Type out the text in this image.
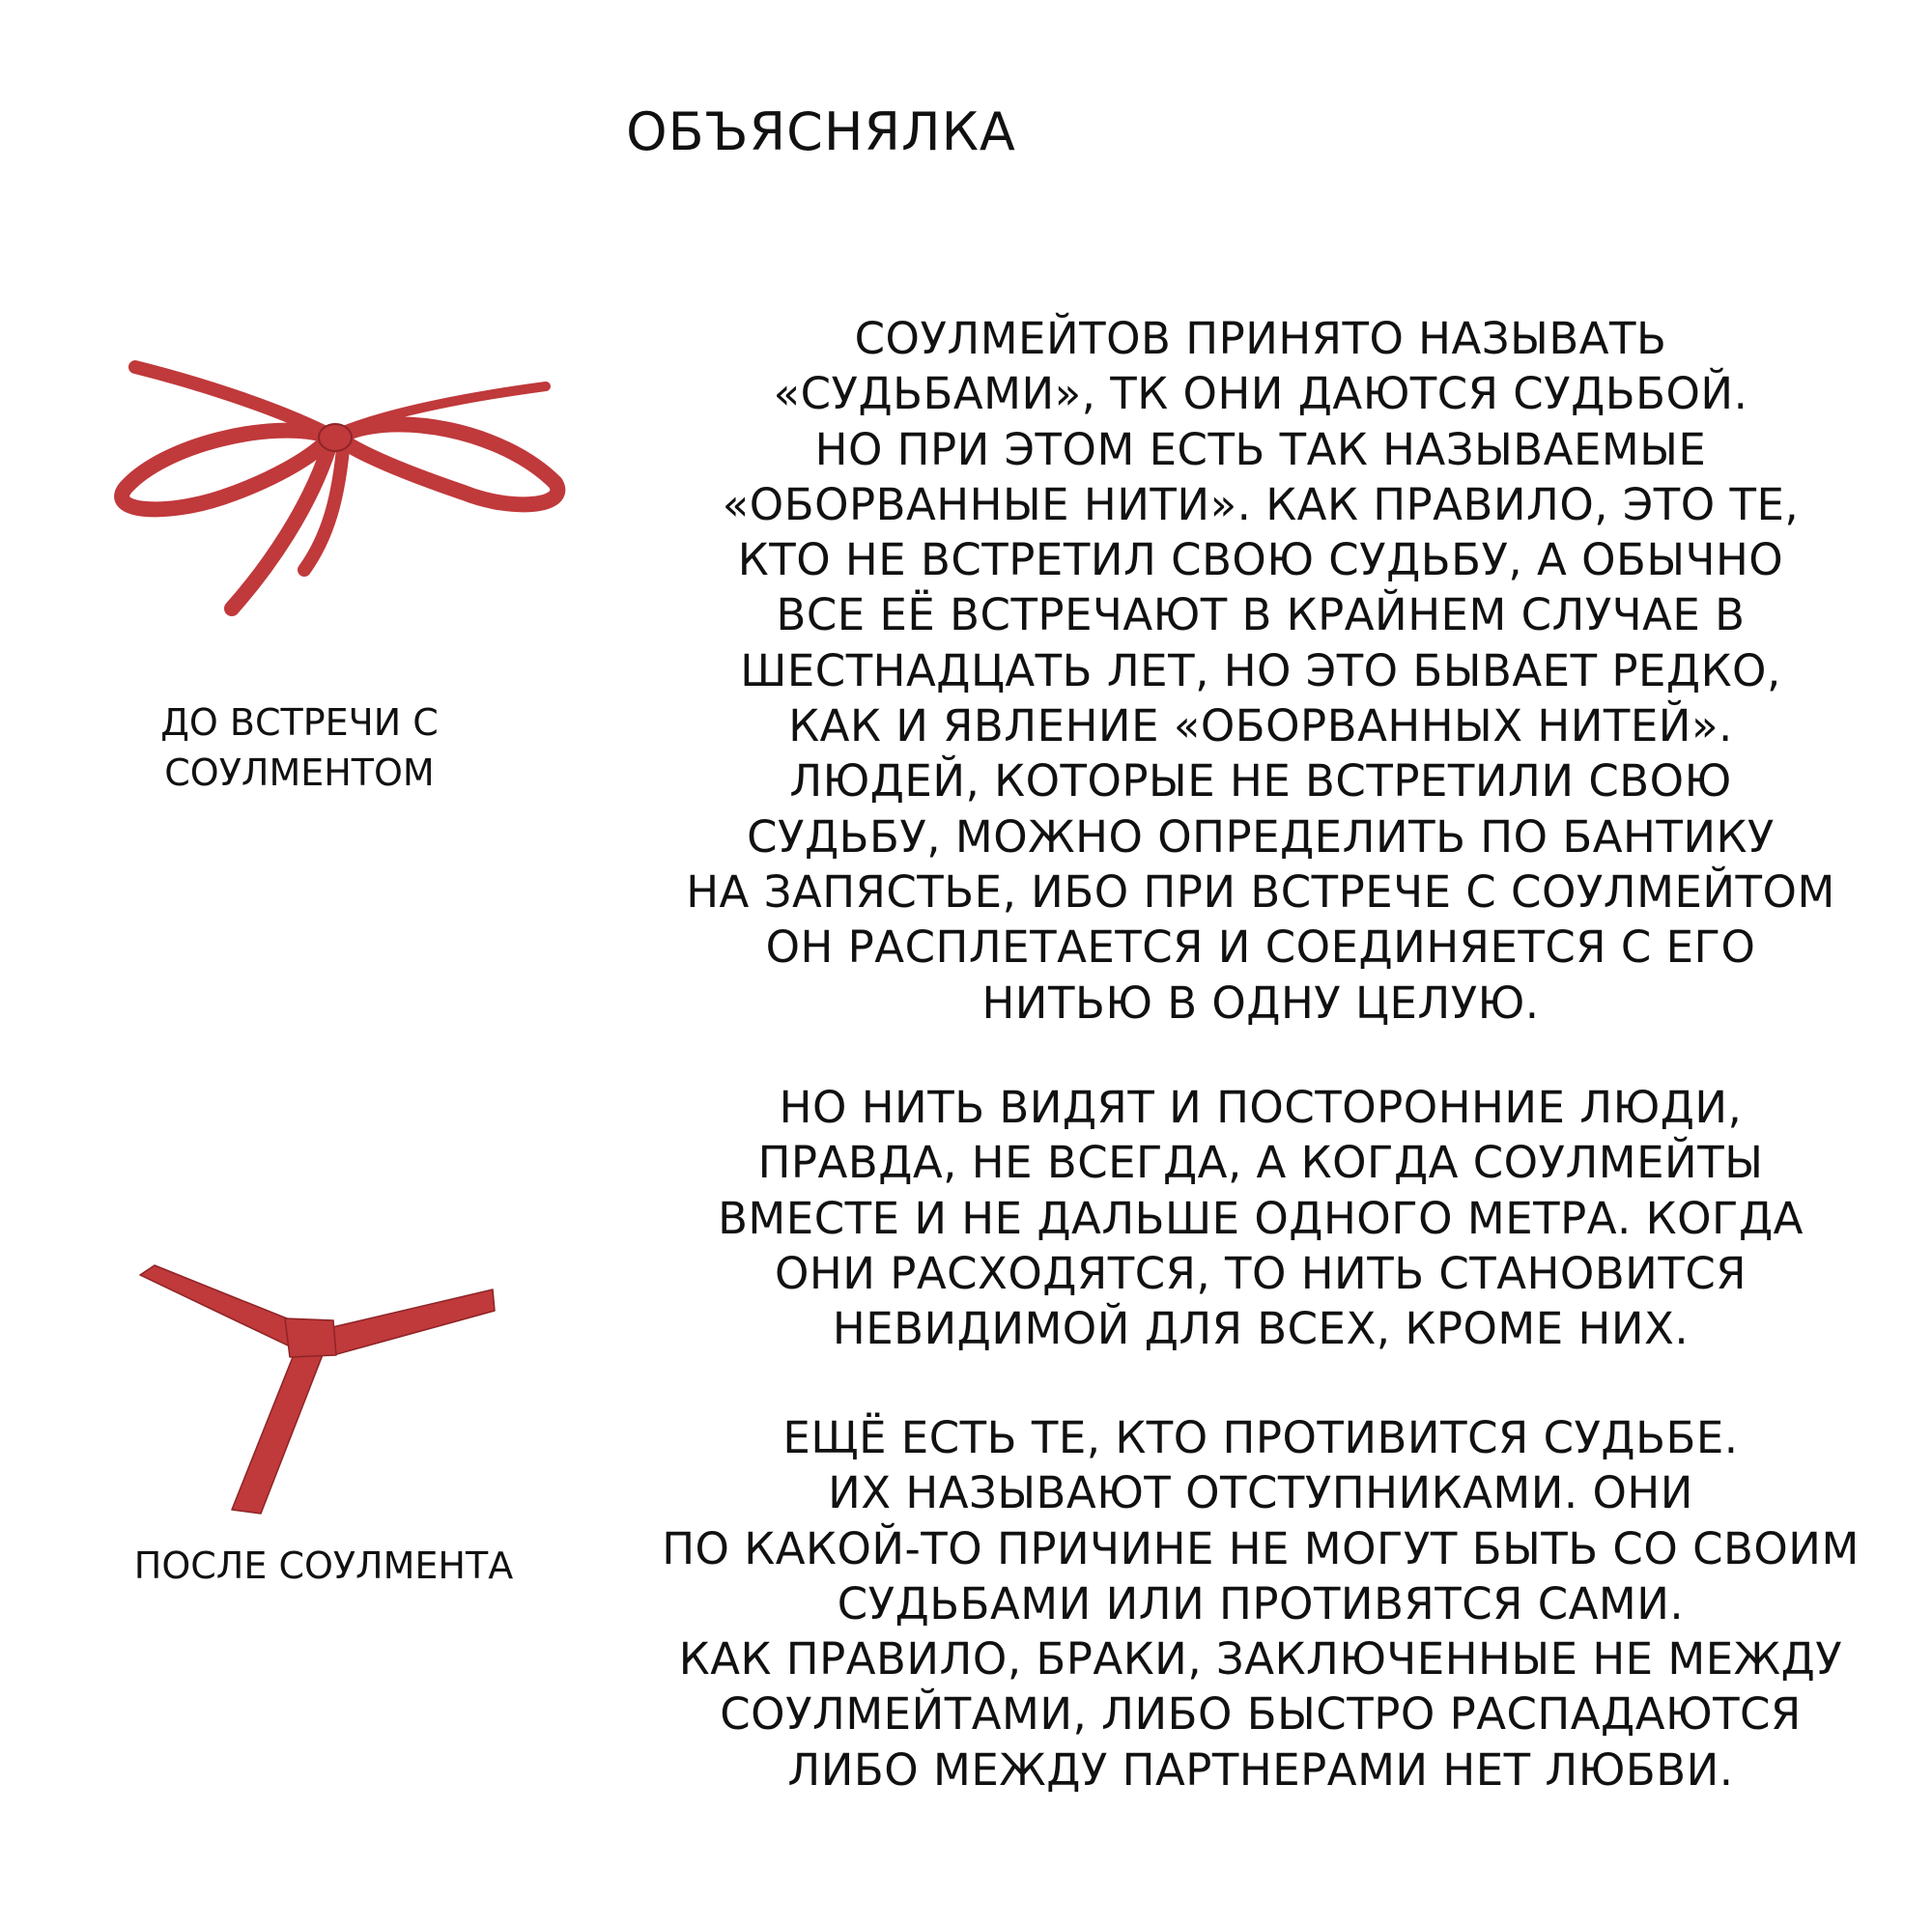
ОБЪЯСНЯЛКА
ДО ВСТРЕЧИ С
СОУЛМЕНТОМ
ПОСЛЕ СОУЛМЕНТА
СОУЛМЕЙТОВ ПРИНЯТО НАЗЫВАТЬ
«СУДЬБАМИ», ТК ОНИ ДАЮТСЯ СУДЬБОЙ.
НО ПРИ ЭТОМ ЕСТЬ ТАК НАЗЫВАЕМЫЕ
«ОБОРВАННЫЕ НИТИ». КАК ПРАВИЛО, ЭТО ТЕ,
КТО НЕ ВСТРЕТИЛ СВОЮ СУДЬБУ, А ОБЫЧНО
ВСЕ ЕЁ ВСТРЕЧАЮТ В КРАЙНЕМ СЛУЧАЕ В
ШЕСТНАДЦАТЬ ЛЕТ, НО ЭТО БЫВАЕТ РЕДКО,
КАК И ЯВЛЕНИЕ «ОБОРВАННЫХ НИТЕЙ».
ЛЮДЕЙ, КОТОРЫЕ НЕ ВСТРЕТИЛИ СВОЮ
СУДЬБУ, МОЖНО ОПРЕДЕЛИТЬ ПО БАНТИКУ
НА ЗАПЯСТЬЕ, ИБО ПРИ ВСТРЕЧЕ С СОУЛМЕЙТОМ
ОН РАСПЛЕТАЕТСЯ И СОЕДИНЯЕТСЯ С ЕГО
НИТЬЮ В ОДНУ ЦЕЛУЮ.
НО НИТЬ ВИДЯТ И ПОСТОРОННИЕ ЛЮДИ,
ПРАВДА, НЕ ВСЕГДА, А КОГДА СОУЛМЕЙТЫ
ВМЕСТЕ И НЕ ДАЛЬШЕ ОДНОГО МЕТРА. КОГДА
ОНИ РАСХОДЯТСЯ, ТО НИТЬ СТАНОВИТСЯ
НЕВИДИМОЙ ДЛЯ ВСЕХ, КРОМЕ НИХ.
ЕЩЁ ЕСТЬ ТЕ, КТО ПРОТИВИТСЯ СУДЬБЕ.
ИХ НАЗЫВАЮТ ОТСТУПНИКАМИ. ОНИ
ПО КАКОЙ-ТО ПРИЧИНЕ НЕ МОГУТ БЫТЬ СО СВОИМ
СУДЬБАМИ ИЛИ ПРОТИВЯТСЯ САМИ.
КАК ПРАВИЛО, БРАКИ, ЗАКЛЮЧЕННЫЕ НЕ МЕЖДУ
СОУЛМЕЙТАМИ, ЛИБО БЫСТРО РАСПАДАЮТСЯ
ЛИБО МЕЖДУ ПАРТНЕРАМИ НЕТ ЛЮБВИ.
